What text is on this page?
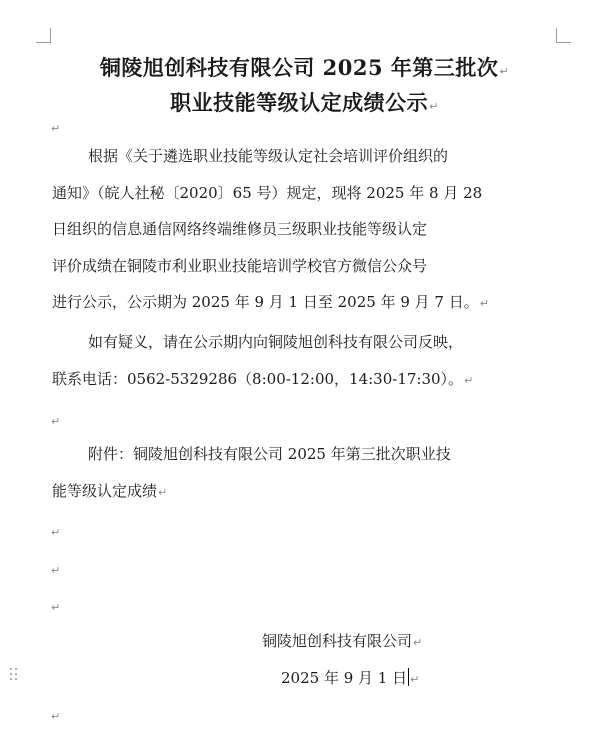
铜陵旭创科技有限公司 2025 年第三批次↵
职业技能等级认定成绩公示↵
↵
根据《关于遴选职业技能等级认定社会培训评价组织的
通知》（皖人社秘〔2020〕65 号）规定，现将 2025 年 8 月 28
日组织的信息通信网络终端维修员三级职业技能等级认定
评价成绩在铜陵市利业职业技能培训学校官方微信公众号
进行公示，公示期为 2025 年 9 月 1 日至 2025 年 9 月 7 日。↵
如有疑义，请在公示期内向铜陵旭创科技有限公司反映，
联系电话：0562-5329286（8:00-12:00，14:30-17:30）。↵
↵
附件：铜陵旭创科技有限公司 2025 年第三批次职业技
能等级认定成绩↵
↵
↵
↵
铜陵旭创科技有限公司↵
2025 年 9 月 1 日 ↵
↵
